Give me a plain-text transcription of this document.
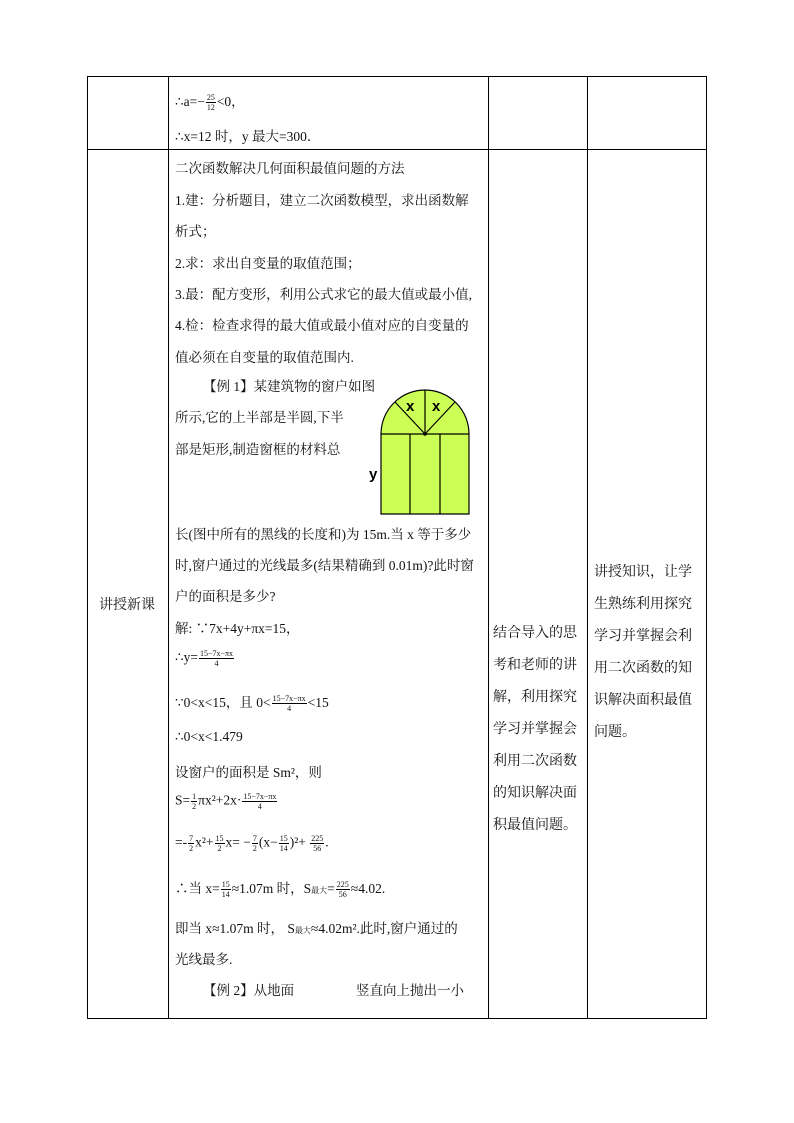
∴a=− $\frac{25}{12} <0$，
∴x=12 时，y 最大=300．
讲授新课
二次函数解决几何面积最值问题的方法
1.建：分析题目，建立二次函数模型，求出函数解
析式；
2.求：求出自变量的取值范围；
3.最：配方变形，利用公式求它的最大值或最小值,
4.检：检查求得的最大值或最小值对应的自变量的
值必须在自变量的取值范围内.
【例 1】某建筑物的窗户如图
所示,它的上半部是半圆,下半
部是矩形,制造窗框的材料总
x x
y
长(图中所有的黑线的长度和)为 15m.当 x 等于多少
时,窗户通过的光线最多(结果精确到 0.01m)?此时窗
户的面积是多少?
解: ∵7x+4y+πx=15，
∴y= $\frac{15-7x-\pi x}{4}$
∵0<x<15，且 $0< \frac{15-7x-\pi x}{4} <15$
∴0<x<1.479
设窗户的面积是 Sm²，则
$S= \frac{1}{2} \pi x^2+2x\cdot \frac{15-7x-\pi x}{4}$
=- $\frac{7}{2} x^2+ \frac{15}{2} x= - \frac{7}{2} (x- \frac{15}{14} )^2+ \frac{225}{56}$ .
∴当 $x= \frac{15}{14} \approx 1.07m$ 时，S最大= $\frac{225}{56} \approx 4.02$.
即当 x≈1.07m 时， S最大≈4.02m².此时,窗户通过的
光线最多.
【例 2】从地面	竖直向上抛出一小
结合导入的思考和老师的讲解，利用探究学习并掌握会利用二次函数的知识解决面积最值问题。
讲授知识，让学生熟练利用探究学习并掌握会利用二次函数的知识解决面积最值问题。
